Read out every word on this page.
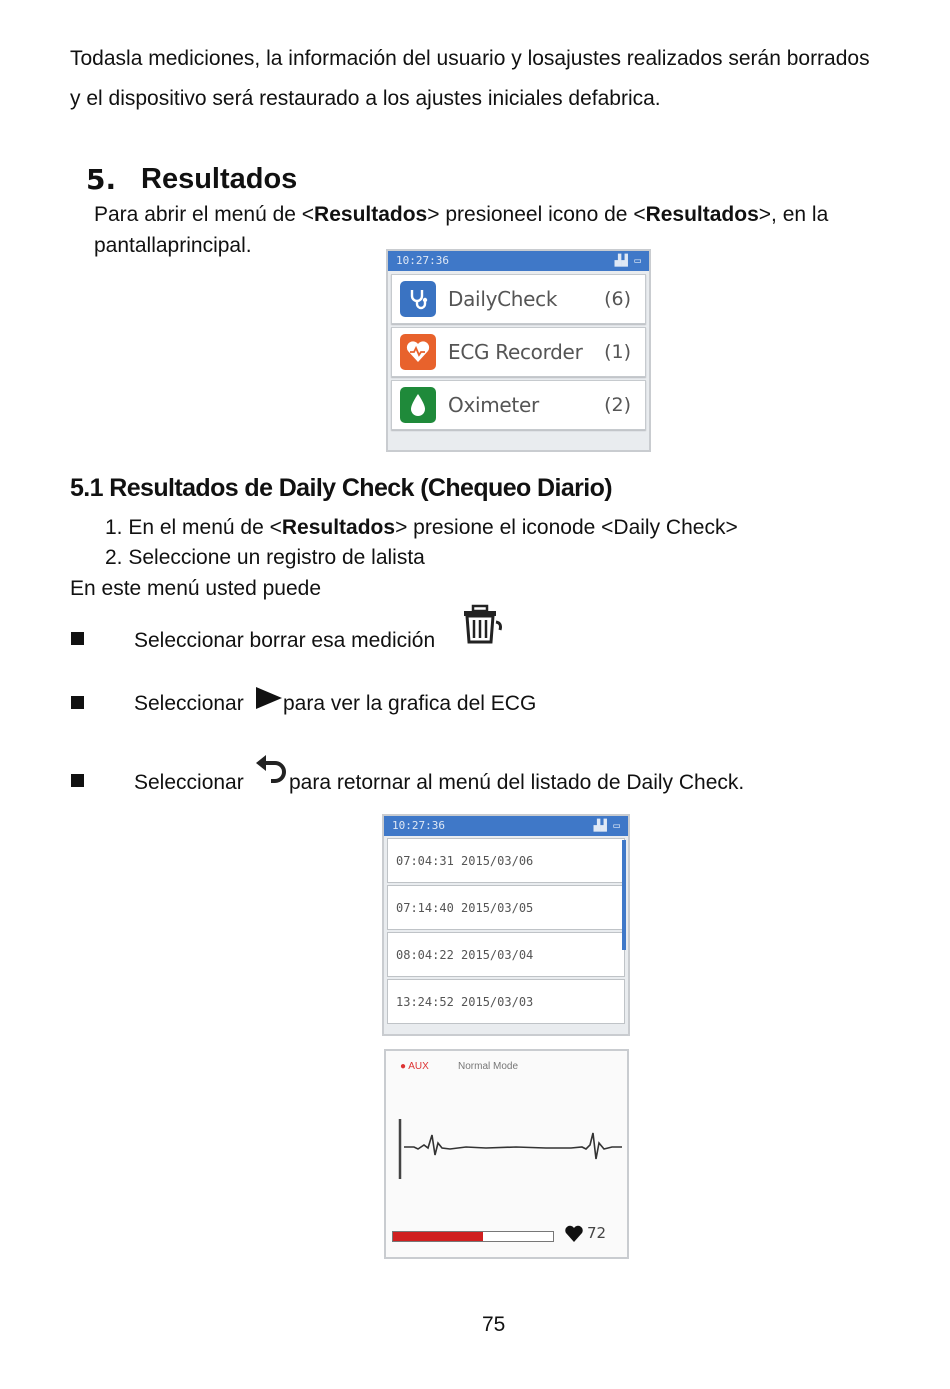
Todasla mediciones, la información del usuario y losajustes realizados serán borrados
y el dispositivo será restaurado a los ajustes iniciales defabrica.
5. Resultados
Para abrir el menú de <Resultados> presioneel icono de <Resultados>, en la
pantallaprincipal.
10:27:36	▟▟ ▭
DailyCheck	(6)
ECG Recorder	(1)
Oximeter	(2)
5.1 Resultados de Daily Check (Chequeo Diario)
1. En el menú de <Resultados> presione el iconode <Daily Check>
2. Seleccione un registro de lalista
En este menú usted puede
Seleccionar borrar esa medición
Seleccionar para ver la grafica del ECG
Seleccionar para retornar al menú del listado de Daily Check.
10:27:36	▟▟ ▭
07:04:31 2015/03/06
07:14:40 2015/03/05
08:04:22 2015/03/04
13:24:52 2015/03/03
● AUX	Normal Mode
72
75
